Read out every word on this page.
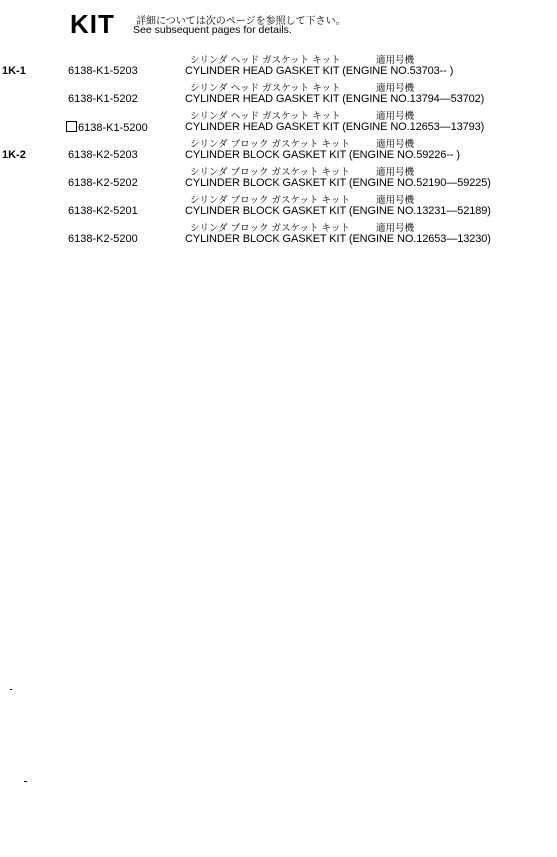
KIT 詳細については次のページを参照して下さい。
See subsequent pages for details.
1K-1	6138-K1-5203
シリンダ ヘッド ガスケット キット	適用号機
CYLINDER HEAD GASKET KIT (ENGINE NO.53703-- )
6138-K1-5202
シリンダ ヘッド ガスケット キット	適用号機
CYLINDER HEAD GASKET KIT (ENGINE NO.13794—53702)
6138-K1-5200
シリンダ ヘッド ガスケット キット	適用号機
CYLINDER HEAD GASKET KIT (ENGINE NO.12653—13793)
1K-2	6138-K2-5203
シリンダ ブロック ガスケット キット	適用号機
CYLINDER BLOCK GASKET KIT (ENGINE NO.59226-- )
6138-K2-5202
シリンダ ブロック ガスケット キット	適用号機
CYLINDER BLOCK GASKET KIT (ENGINE NO.52190—59225)
6138-K2-5201
シリンダ ブロック ガスケット キット	適用号機
CYLINDER BLOCK GASKET KIT (ENGINE NO.13231—52189)
6138-K2-5200
シリンダ ブロック ガスケット キット	適用号機
CYLINDER BLOCK GASKET KIT (ENGINE NO.12653—13230)
